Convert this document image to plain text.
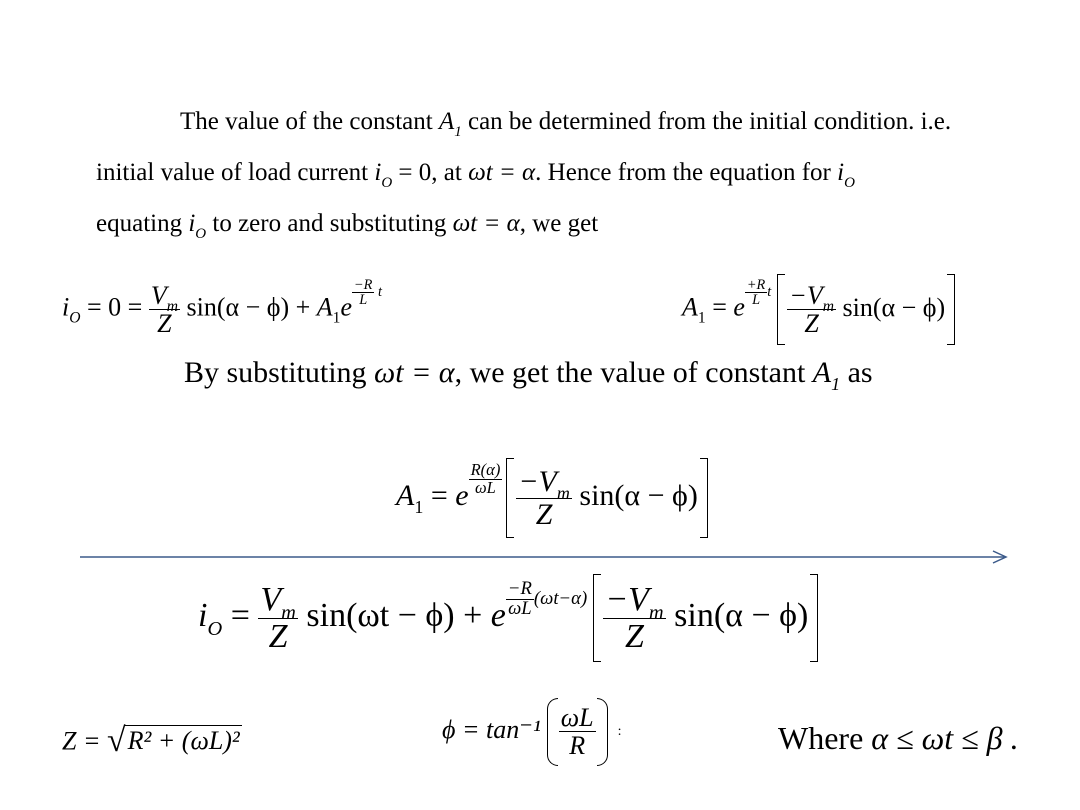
The value of the constant $A_1$ can be determined from the initial condition. i.e.

initial value of load current $i_O = 0$, at ωt = α. Hence from the equation for $i_O$

equating $i_O$ to zero and substituting ωt = α, we get

$i_O = 0 = \frac{V_m}{Z} \sin(\alpha - \phi) + A_1e$ $^{\frac{-R}{L} t}$
$A_1 = e$ $^{\frac{+R}{L} t} \frac{-V_m}{Z} \sin(\alpha - \phi)$
By substituting ωt = α, we get the value of constant $A_1$ as
$A_1 = e$ $^{\frac{R(\alpha)}{\omega L}} \frac{-V_m}{Z} \sin(\alpha - \phi)$
$i_O = \frac{V_m}{Z} \sin(\omega t - \phi) + e$ $^{\frac{-R}{\omega L} (\omega t-\alpha)} \frac{-V_m}{Z} \sin(\alpha - \phi)$
Z = √R² + (ωL)²	$\phi = \tan^{-1} \frac{\omega L}{R}$ :	Where α ≤ ωt ≤ β .
